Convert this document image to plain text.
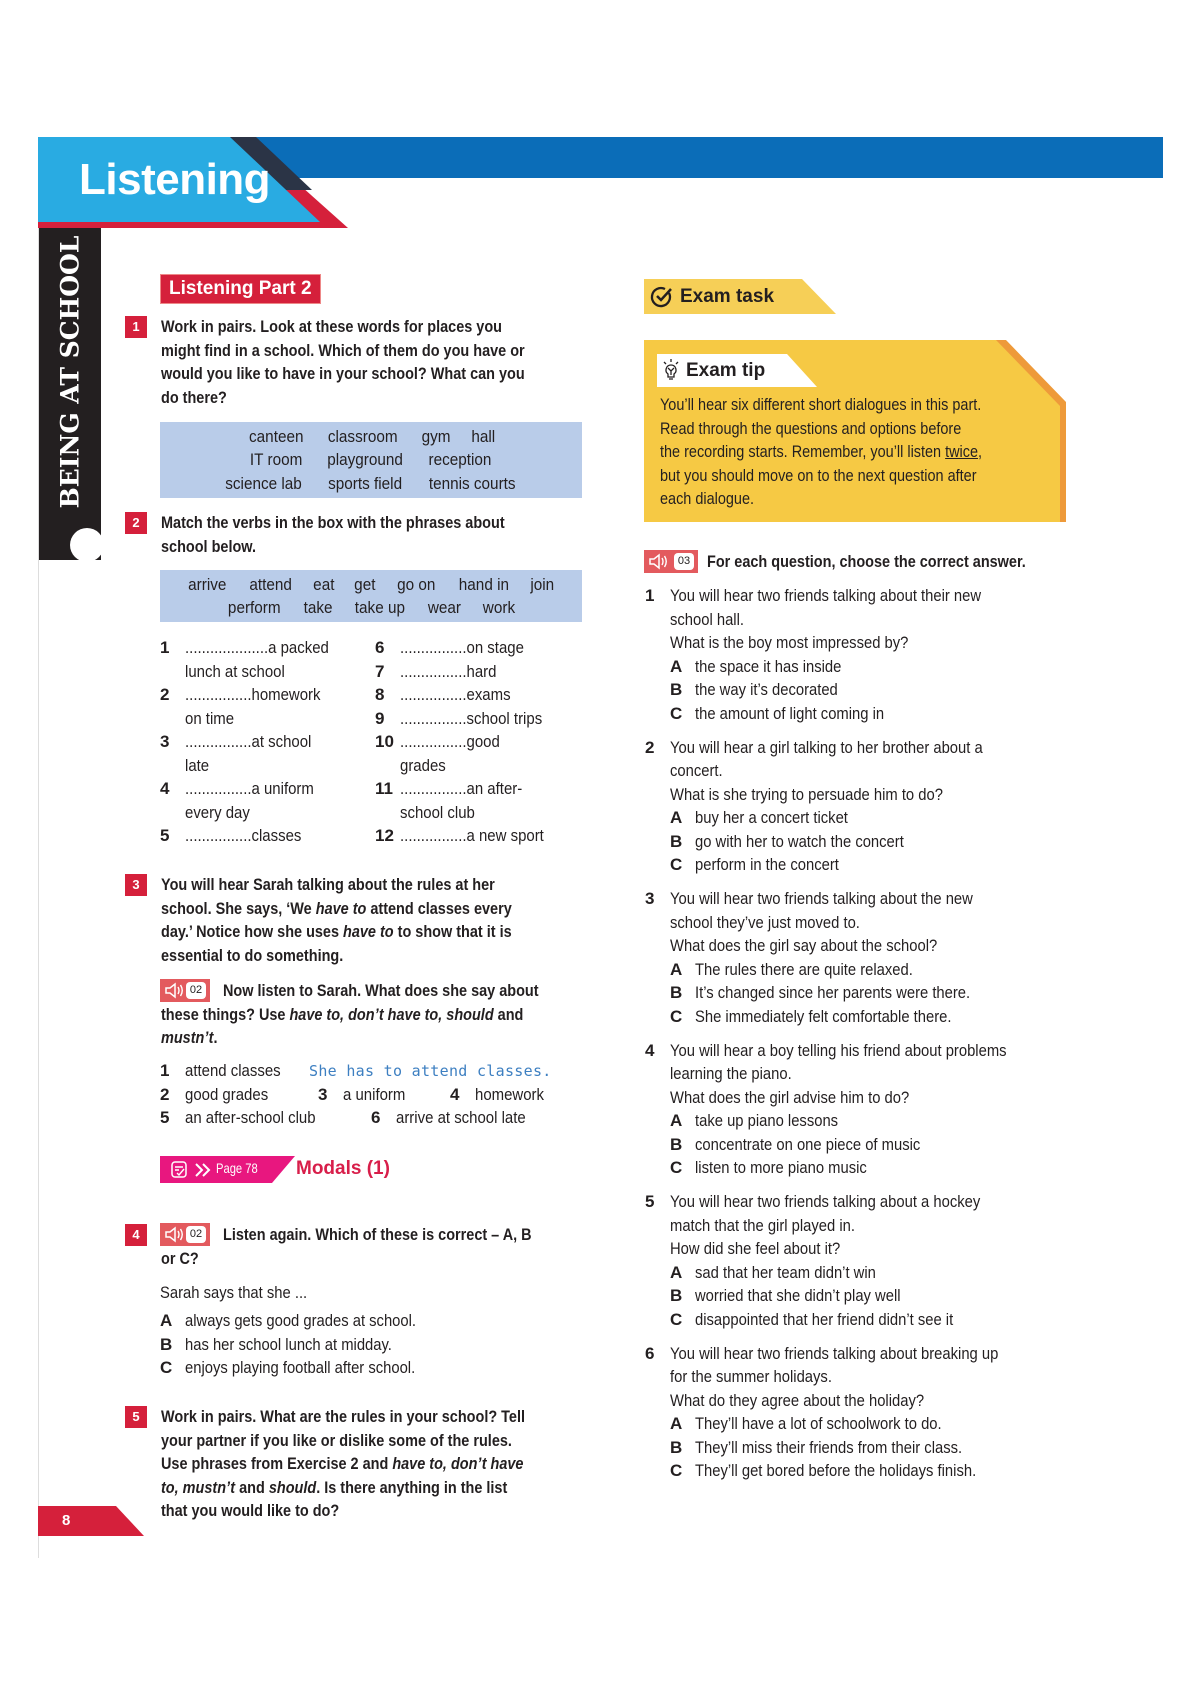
Listening
BEING AT SCHOOL	Listening Part 2
1	Work in pairs. Look at these words for places you
might find in a school. Which of them do you have or
would you like to have in your school? What can you
do there?
canteen classroom gym hall
IT room playground reception
science lab sports field tennis courts
2	Match the verbs in the box with the phrases about
school below.
arrive attend eat get go on hand in join
perform take take up wear work
1 ....................a packed
lunch at school
2 ................homework
on time
3 ................at school
late
4 ................a uniform
every day
5 ................classes
6 ................on stage
7 ................hard
8 ................exams
9 ................school trips
10 ................good
grades
11 ................an after-
school club
12 ................a new sport
3	You will hear Sarah talking about the rules at her
school. She says, ‘We have to attend classes every
day.’ Notice how she uses have to to show that it is
essential to do something.
02	Now listen to Sarah. What does she say about
these things? Use have to, don’t have to, should and
mustn’t.
1 attend classes	She has to attend classes.
2 good grades	3 a uniform	4 homework
5 an after-school club	6 arrive at school late
Page 78 Modals (1)
4	02	Listen again. Which of these is correct – A, B
or C?
Sarah says that she ...
A always gets good grades at school.
B has her school lunch at midday.
C enjoys playing football after school.
5	Work in pairs. What are the rules in your school? Tell
your partner if you like or dislike some of the rules.
Use phrases from Exercise 2 and have to, don’t have
to, mustn’t and should. Is there anything in the list
that you would like to do?
8
Exam task
Exam tip
You’ll hear six different short dialogues in this part.
Read through the questions and options before
the recording starts. Remember, you’ll listen twice,
but you should move on to the next question after
each dialogue.
03 For each question, choose the correct answer.
1 You will hear two friends talking about their new
school hall.
What is the boy most impressed by?
A the space it has inside
B the way it’s decorated
C the amount of light coming in
2 You will hear a girl talking to her brother about a
concert.
What is she trying to persuade him to do?
A buy her a concert ticket
B go with her to watch the concert
C perform in the concert
3 You will hear two friends talking about the new
school they’ve just moved to.
What does the girl say about the school?
A The rules there are quite relaxed.
B It’s changed since her parents were there.
C She immediately felt comfortable there.
4 You will hear a boy telling his friend about problems
learning the piano.
What does the girl advise him to do?
A take up piano lessons
B concentrate on one piece of music
C listen to more piano music
5 You will hear two friends talking about a hockey
match that the girl played in.
How did she feel about it?
A sad that her team didn’t win
B worried that she didn’t play well
C disappointed that her friend didn’t see it
6 You will hear two friends talking about breaking up
for the summer holidays.
What do they agree about the holiday?
A They’ll have a lot of schoolwork to do.
B They’ll miss their friends from their class.
C They’ll get bored before the holidays finish.
